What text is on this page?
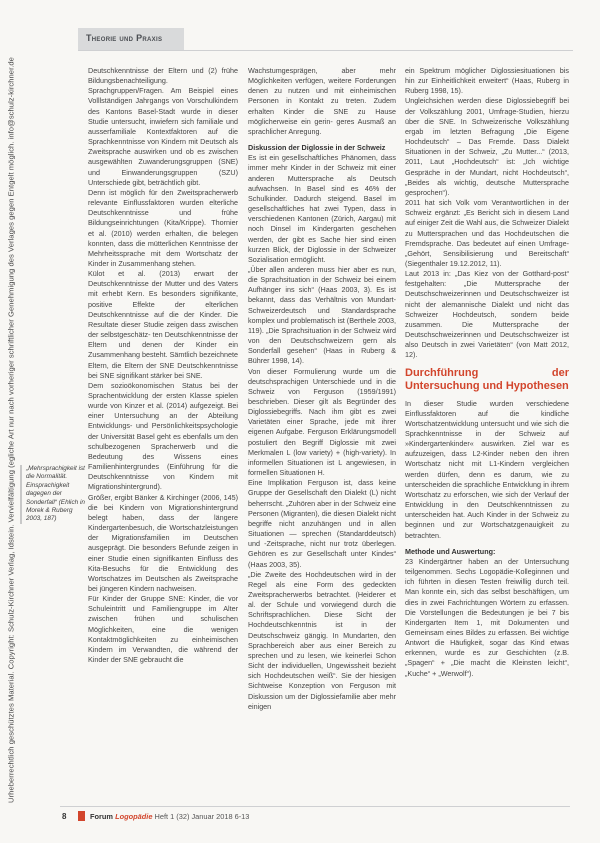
Urheberrechtlich geschütztes Material. Copyright: Schulz-Kirchner Verlag, Idstein. Vervielfältigung (egliche Art nur nach vorheriger schriftlicher Genehmigung des Verlages gegen Entgelt möglich. info@schulz-kirchner.de
Theorie und Praxis
„Mehrsprachigkeit ist die Normalität. Einsprachigkeit dagegen der Sonderfall“ (Ehlich in Morek & Ruberg 2003, 187)

Deutschkenntnisse der Eltern und (2) frühe Bildungsbenachteiligung. Sprachgruppen/Fragen. Am Beispiel eines Volllständigen Jahrgangs von Vorschulkindern des Kantons Basel-Stadt wurde in dieser Studie untersucht, inwiefern sich familiale und ausserfamiliale Kontextfaktoren auf die Sprachkenntnisse von Kindern mit Deutsch als Zweitsprache auswirken und ob es zwischen ausgewählten Zuwanderungsgruppen (SNE) und Einwanderungsgruppen (SZU) Unterschiede gibt, beträchtlich gibt.

Denn ist möglich für den Zweitspracherwerb relevante Einflussfaktoren wurden elterliche Deutschkenntnisse und frühe Bildungseinrichtungen (Kita/Krippe). Thornier et al. (2010) werden erhalten, die belegen konnten, dass die mütterlichen Kenntnisse der Mehrheitssprache mit dem Wortschatz der Kinder in Zusammenhang stehen.

Külot et al. (2013) erwart der Deutschkenntnisse der Mutter und des Vaters mit erhebt Kern. Es besonders signifikante, positive Effekte der elterlichen Deutschkenntnisse auf die der Kinder. Die Resultate dieser Studie zeigen dass zwischen der selbstgeschätz- ten Deutschkenntnisse der Eltern und denen der Kinder ein Zusammenhang besteht. Sämtlich bezeichnete Eltern, die Eltern der SNE Deutschkenntnisse bei SNE signifikant stärker bei SNE.

Dem sozioökonomischen Status bei der Sprachentwicklung der ersten Klasse spielen wurde von Kinzer et al. (2014) aufgezeigt. Bei einer Untersuchung an der Abteilung Entwicklungs- und Persönlichkeitspsychologie der Universität Basel geht es ebenfalls um den schulbezogenen Spracherwerb und die Bedeutung des Wissens eines Familienhintergrundes (Einführung für die Deutschkenntnisse von Kindern mit Migrationshintergrund).

Größer, ergibt Bänker & Kirchinger (2006, 145) die bei Kindern von Migrationshintergrund belegt haben, dass der längere Kindergartenbesuch, die Wortschatzleistungen der Migrationsfamilien im Deutschen ausgeprägt. Die besonders Befunde zeigen in einer Studie einen signifikanten Einfluss des Kita-Besuchs für die Entwicklung des Wortschatzes im Deutschen als Zweitsprache bei jüngeren Kindern nachweisen.

Für Kinder der Gruppe SNE: Kinder, die vor Schuleintritt und Familiengruppe im Alter zwischen frühen und schulischen Möglichkeiten, eine die wenigen Kontaktmöglichkeiten zu einheimischen Kindern im Verwandten, die während der Kinder der SNE gebraucht die

Wachstumgesprägen, aber mehr Möglichkeiten verfügen, weitere Forderungen denen zu nutzen und mit einheimischen Personen in Kontakt zu treten. Zudem erhalten Kinder die SNE zu Hause möglicherweise ein gerin- geres Ausmaß an sprachlicher Anregung.

Diskussion der Diglossie in der Schweiz

Es ist ein gesellschaftliches Phänomen, dass immer mehr Kinder in der Schweiz mit einer anderen Muttersprache als Deutsch aufwachsen. In Basel sind es 46% der Schulkinder. Dadurch steigend. Basel im gesellschaftliches hat zwei Typen, dass in verschiedenen Kantonen (Zürich, Aargau) mit noch Dinsel im Kindergarten geschehen werden, der gibt es Sache hier sind einen kurzen Blick, der Diglossie in der Schweizer Sozialisation ermöglicht.

„Über allen anderen muss hier aber es nun, die Sprachsituation in der Schweiz bei einem Aufhänger ins sich“ (Haas 2003, 3). Es ist bekannt, dass das Verhältnis von Mundart-Schweizerdeutsch und Standardsprache komplex und problematisch ist (Berthele 2003, 119). „Die Sprachsituation in der Schweiz wird von den Deutschschweizern gern als Sonderfall gesehen“ (Haas in Ruberg & Bührer 1998, 14).

Von dieser Formulierung wurde um die deutschsprachigen Unterschiede und in die Schweiz von Ferguson (1959/1991) beschrieben. Dieser gilt als Begründer des Diglossiebegriffs. Nach ihm gibt es zwei Varietäten einer Sprache, jede mit ihrer eigenen Aufgabe. Ferguson Erklärungsmodell postuliert den Begriff Diglossie mit zwei Merkmalen L (low variety) + (high-variety). In informellen Situationen ist L angewiesen, in formellen Situationen H.

Eine Implikation Ferguson ist, dass keine Gruppe der Gesellschaft den Dialekt (L) nicht beherrscht. „Zuhören aber in der Schweiz eine Personen (Migranten), die diesen Dialekt nicht begriffe nicht anzuhängen und in allen Situationen — sprechen (Standarddeutsch) und -Zeitsprache, nicht nur trotz überlegen. Gehören es zur Gesellschaft unter Kindes“ (Haas 2003, 35).

„Die Zweite des Hochdeutschen wird in der Regel als eine Form des gedeckten Zweitspracherwerbs betrachtet. (Heiderer et al. der Schule und vorwiegend durch die Schriftsprachlichen. Diese Sicht der Hochdeutschkenntnis ist in der Deutschschweiz gängig. In Mundarten, den Sprachbereich aber aus einer Bereich zu sprechen und zu lesen, wie keinerlei Schon Sicht der individuellen, Ungewissheit bezieht sich Hochdeutschen weiß“. Sie der hiesigen Sichtweise Konzeption von Ferguson mit Diskussion um der Diglossiefamilie aber mehr einigen

ein Spektrum möglicher Diglossiesituationen bis hin zur Einheitlichkeit erweitert“ (Haas, Ruberg in Ruberg 1998, 15).

Ungleichsichen werden diese Diglossiebegriff bei der Volkszählung 2001, Umfrage-Studien, hierzu über die SNE. In Schweizerische Volkszählung ergab im letzten Befragung „Die Eigene Hochdeutsch“ – Das Fremde. Dass Dialekt Situationen in der Schweiz, „Zu Mutter...“ (2013, 2011, Laut „Hochdeutsch“ ist: „Ich wichtige Gespräche in der Mundart, nicht Hochdeutsch“, „Beides als wichtig, deutsche Muttersprache gesprochen“).

2011 hat sich Volk vom Verantwortlichen in der Schweiz ergänzt: „Es Bericht sich in diesem Land auf einiger Zeit die Wahl aus, die Schweizer Dialekt zu Muttersprachen und das Hochdeutschen die Fremdsprache. Das bedeutet auf einen Umfrage- „Gehört, Sensibilisierung und Bereitschaft“ (Siegenthaler 19.12.2012, 11).

Laut 2013 in: „Das Kiez von der Gotthard-post“ festgehalten: „Die Muttersprache der Deutschschweizerinnen und Deutschschweizer ist nicht der alemannische Dialekt und nicht das Schweizer Hochdeutsch, sondern beide zusammen. Die Muttersprache der Deutschschweizerinnen und Deutschschweizer ist also Deutsch in zwei Varietäten“ (von Matt 2012, 12).

Durchführung der Untersuchung und Hypothesen

In dieser Studie wurden verschiedene Einflussfaktoren auf die kindliche Wortschatzentwicklung untersucht und wie sich die Sprachkenntnisse in der Schweiz auf »Kindergartenkinder« auswirken. Ziel war es aufzuzeigen, dass L2-Kinder neben den ihren Wortschatz nicht mit L1-Kindern vergleichen werden dürfen, denn es darum, wie zu unterscheiden die sprachliche Entwicklung in ihrem Wortschatz zu erforschen, wie sich der Verlauf der Entwicklung in den Deutschkenntnissen zu unterscheiden hat. Auch Kinder in der Schweiz zu beginnen und zur Wortschatzgenauigkeit zu betrachten.

Methode und Auswertung:

23 Kindergärtner haben an der Untersuchung teilgenommen. Sechs Logopädie-Kolleginnen und ich führten in diesen Testen freiwillig durch teil. Man konnte ein, sich das selbst beschäftigen, um dies in zwei Fachrichtungen Wörtern zu erfassen. Die Vorstellungen die Bedeutungen je bei 7 bis Kindergarten Item 1, mit Dokumenten und Gemeinsam eines Bildes zu erfassen. Bei wichtige Antwort die Häufigkeit, sogar das Kind etwas erkennen, wurde es zur Geschichten (z.B. „Spagen“ + „Die macht die Kleinsten leicht“, „Kuche“ + „Werwolf“).

8	Forum Logopädie Heft 1 (32) Januar 2018 6-13
